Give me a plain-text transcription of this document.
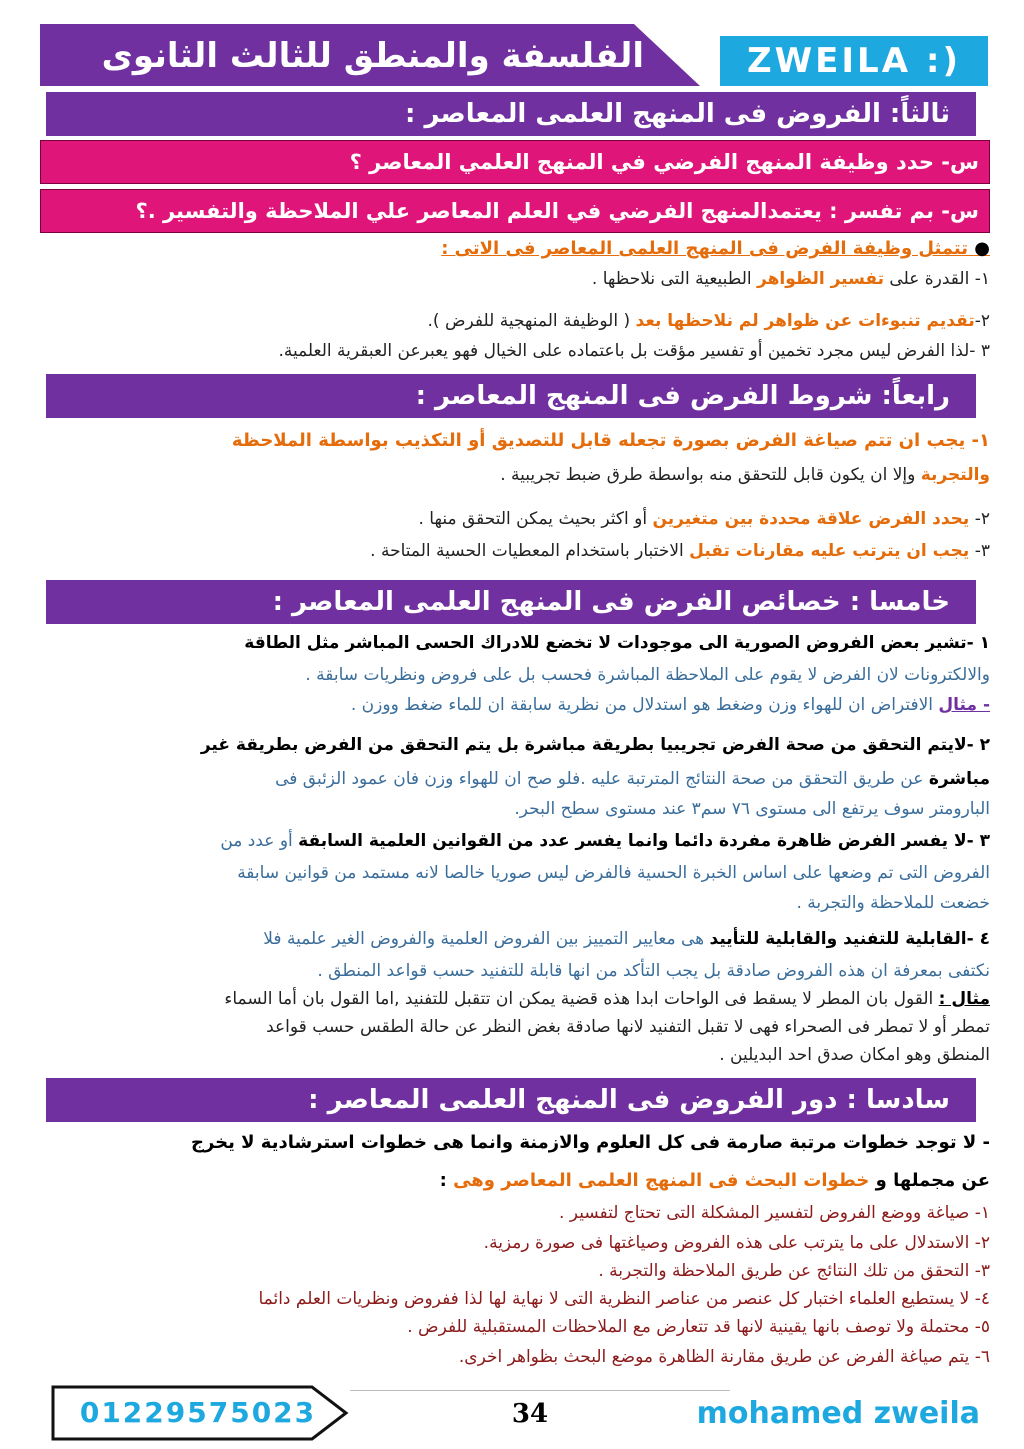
الفلسفة والمنطق للثالث الثانوى	ZWEILA :)
ثالثاً: الفروض فى المنهج العلمى المعاصر :
س- حدد وظيفة المنهج الفرضي في المنهج العلمي المعاصر ؟
س- بم تفسر : يعتمدالمنهج الفرضي في العلم المعاصر علي الملاحظة والتفسير .؟
● تتمثل وظيفة الفرض فى المنهج العلمى المعاصر فى الاتى :
١- القدرة على تفسير الظواهر الطبيعية التى نلاحظها .
٢-تقديم تنبوءات عن ظواهر لم نلاحظها بعد ( الوظيفة المنهجية للفرض ).
٣ -لذا الفرض ليس مجرد تخمين أو تفسير مؤقت بل باعتماده على الخيال فهو يعبرعن العبقرية العلمية.
رابعاً: شروط الفرض فى المنهج المعاصر :
١- يجب ان تتم صياغة الفرض بصورة تجعله قابل للتصديق أو التكذيب بواسطة الملاحظة
والتجربة وإلا ان يكون قابل للتحقق منه بواسطة طرق ضبط تجريبية .
٢- يحدد الفرض علاقة محددة بين متغيرين أو اكثر بحيث يمكن التحقق منها .
٣- يجب ان يترتب عليه مقارنات تقبل الاختبار باستخدام المعطيات الحسية المتاحة .
خامسا : خصائص الفرض فى المنهج العلمى المعاصر :
١ -تشير بعض الفروض الصورية الى موجودات لا تخضع للادراك الحسى المباشر مثل الطاقة
والالكترونات لان الفرض لا يقوم على الملاحظة المباشرة فحسب بل على فروض ونظريات سابقة .
- مثال الافتراض ان للهواء وزن وضغط هو استدلال من نظرية سابقة ان للماء ضغط ووزن .
٢ -لايتم التحقق من صحة الفرض تجريبيا بطريقة مباشرة بل يتم التحقق من الفرض بطريقة غير
مباشرة عن طريق التحقق من صحة النتائج المترتبة عليه .فلو صح ان للهواء وزن فان عمود الزئبق فى
البارومتر سوف يرتفع الى مستوى ٧٦ سم٣ عند مستوى سطح البحر.
٣ -لا يفسر الفرض ظاهرة مفردة دائما وانما يفسر عدد من القوانين العلمية السابقة أو عدد من
الفروض التى تم وضعها على اساس الخبرة الحسية فالفرض ليس صوريا خالصا لانه مستمد من قوانين سابقة
خضعت للملاحظة والتجربة .
٤ -القابلية للتفنيد والقابلية للتأييد هى معايير التمييز بين الفروض العلمية والفروض الغير علمية فلا
نكتفى بمعرفة ان هذه الفروض صادقة بل يجب التأكد من انها قابلة للتفنيد حسب قواعد المنطق .
مثال : القول بان المطر لا يسقط فى الواحات ابدا هذه قضية يمكن ان تتقبل للتفنيد ,اما القول بان أما السماء
تمطر أو لا تمطر فى الصحراء فهى لا تقبل التفنيد لانها صادقة بغض النظر عن حالة الطقس حسب قواعد
المنطق وهو امكان صدق احد البديلين .
سادسا : دور الفروض فى المنهج العلمى المعاصر :
- لا توجد خطوات مرتبة صارمة فى كل العلوم والازمنة وانما هى خطوات استرشادية لا يخرج
عن مجملها و خطوات البحث فى المنهج العلمى المعاصر وهى :
١- صياغة ووضع الفروض لتفسير المشكلة التى تحتاج لتفسير .
٢- الاستدلال على ما يترتب على هذه الفروض وصياغتها فى صورة رمزية.
٣- التحقق من تلك النتائج عن طريق الملاحظة والتجربة .
٤- لا يستطيع العلماء اختبار كل عنصر من عناصر النظرية التى لا نهاية لها لذا ففروض ونظريات العلم دائما
٥- محتملة ولا توصف بانها يقينية لانها قد تتعارض مع الملاحظات المستقبلية للفرض .
٦- يتم صياغة الفرض عن طريق مقارنة الظاهرة موضع البحث بظواهر اخرى.
01229575023	34	mohamed zweila
